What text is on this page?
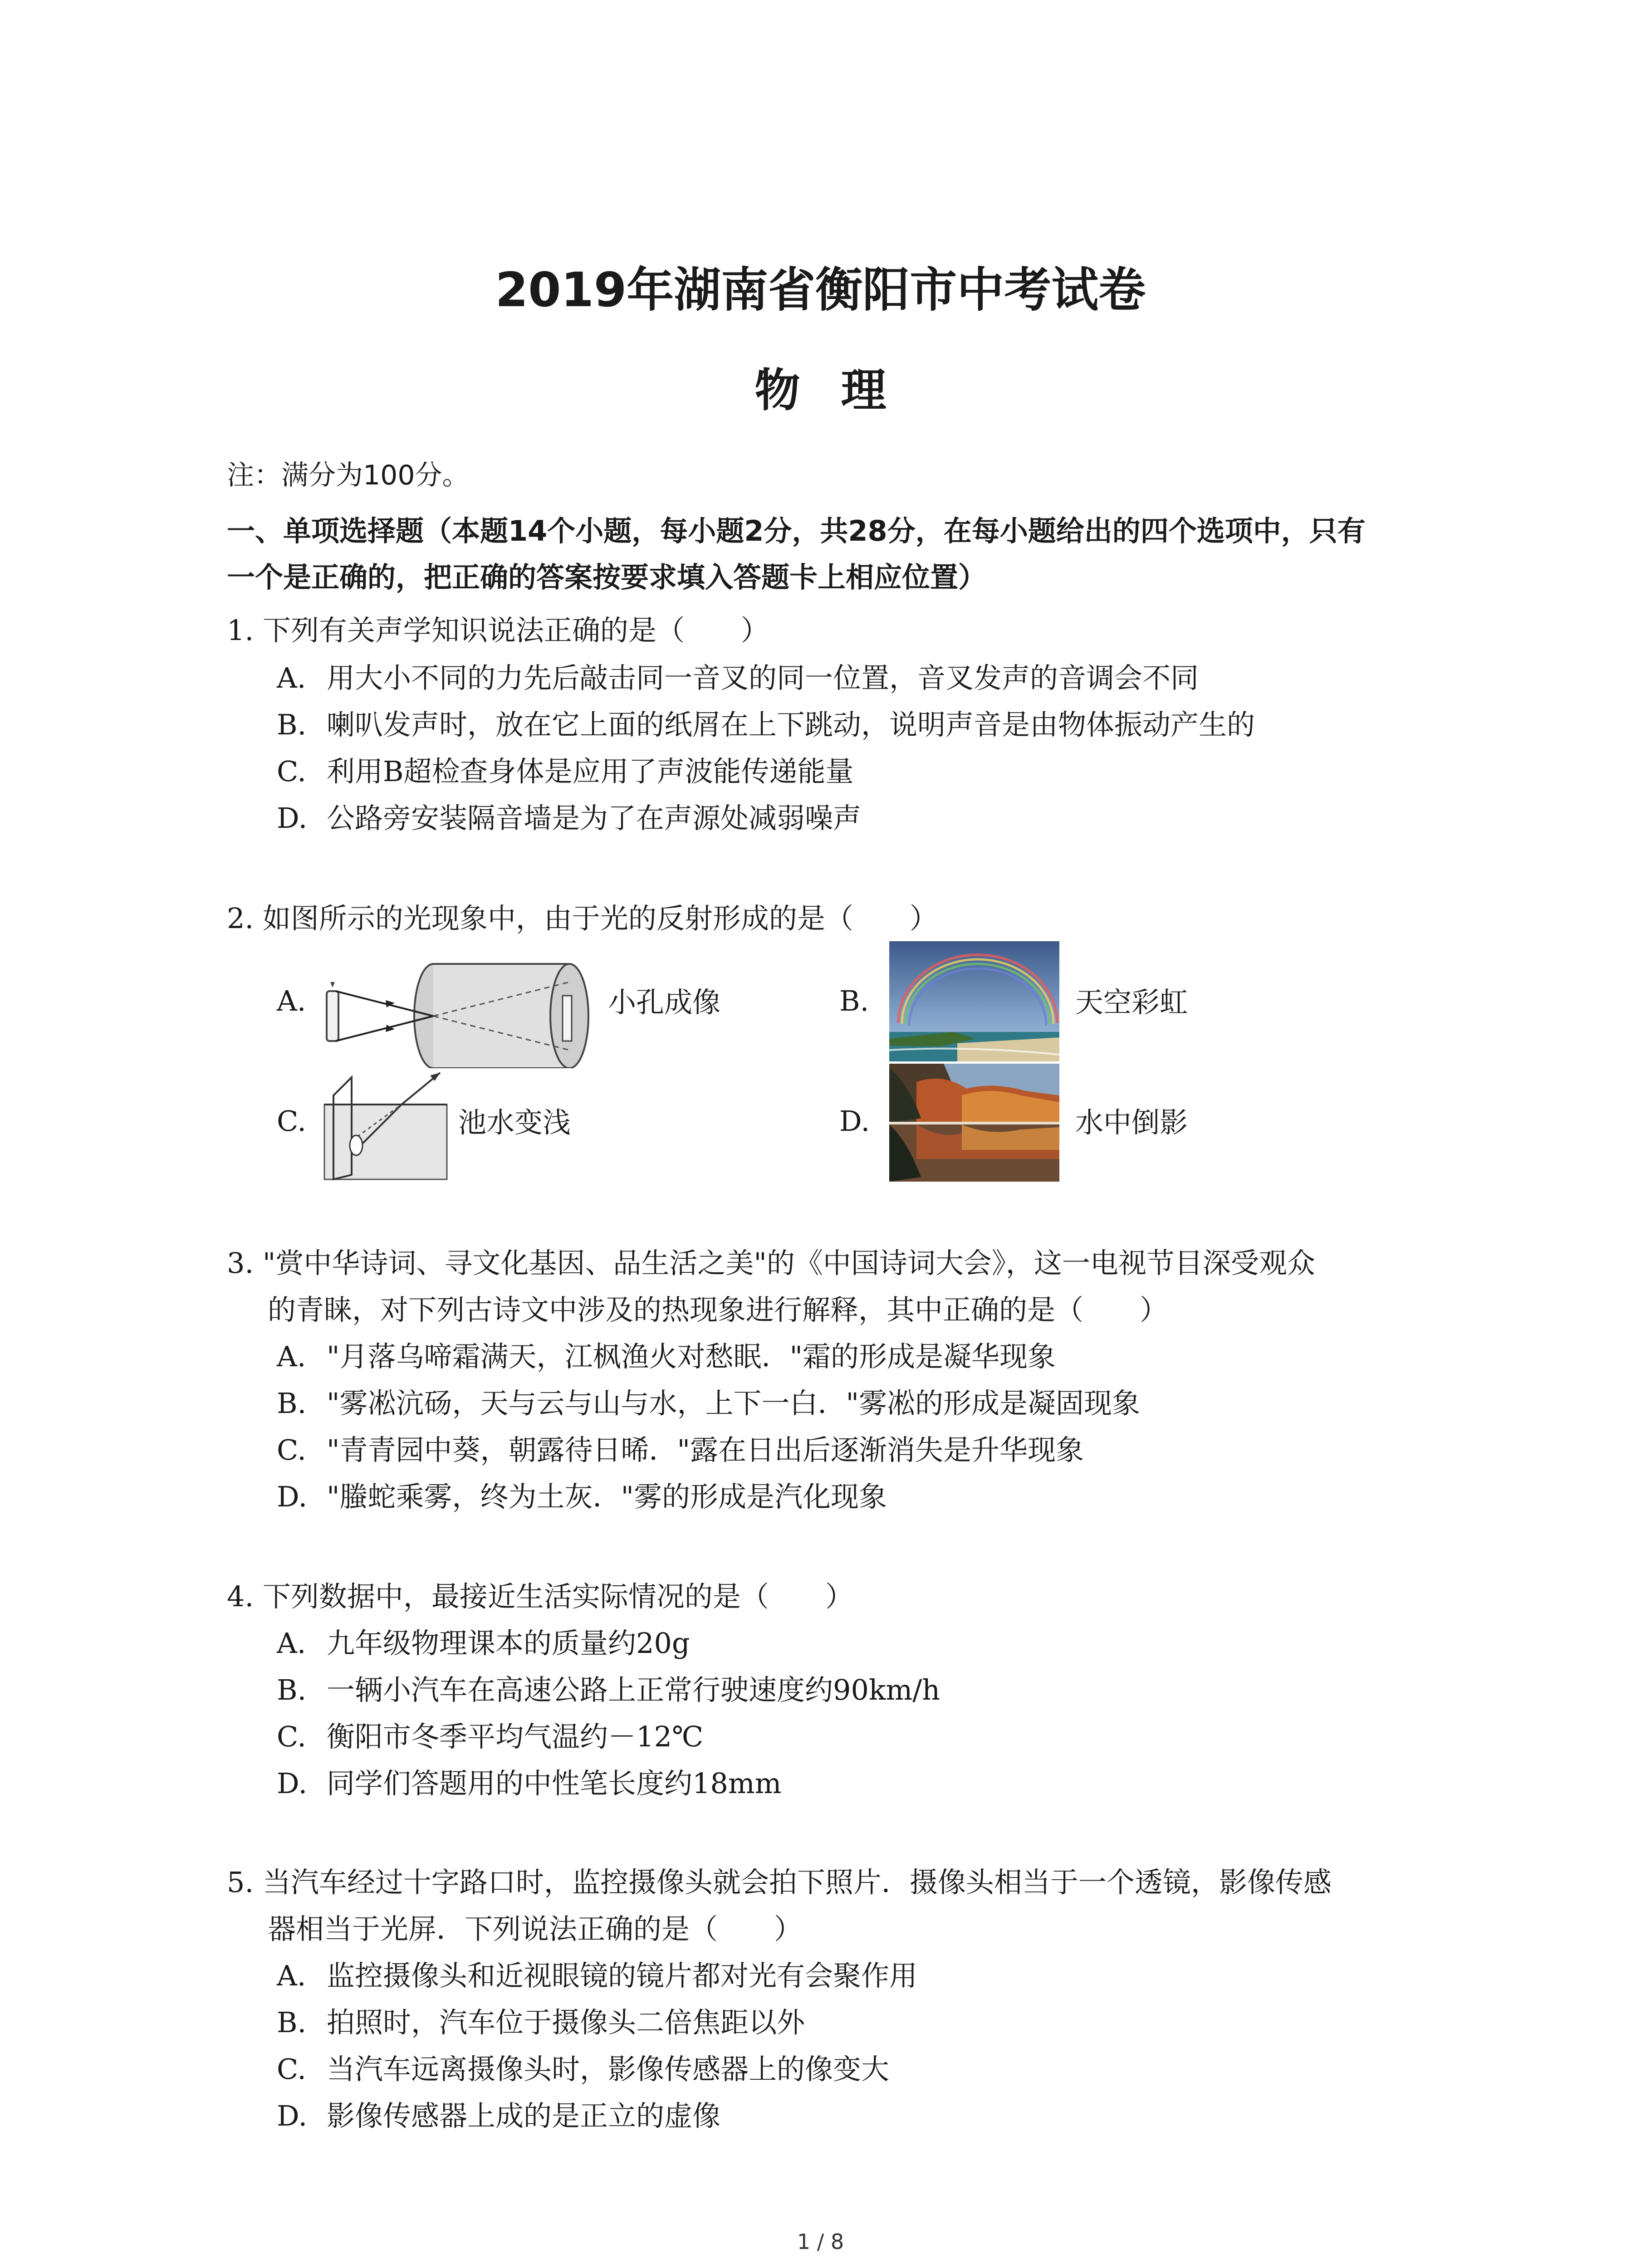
2019年湖南省衡阳市中考试卷
物理
注：满分为100分。
一、单项选择题（本题14个小题，每小题2分，共28分，在每小题给出的四个选项中，只有
一个是正确的，把正确的答案按要求填入答题卡上相应位置）
1. 下列有关声学知识说法正确的是（　　）
A. 用大小不同的力先后敲击同一音叉的同一位置，音叉发声的音调会不同
B. 喇叭发声时，放在它上面的纸屑在上下跳动，说明声音是由物体振动产生的
C. 利用B超检查身体是应用了声波能传递能量
D. 公路旁安装隔音墙是为了在声源处减弱噪声
2. 如图所示的光现象中，由于光的反射形成的是（　　）
A.	小孔成像	B.	天空彩虹
C.	池水变浅	D.	水中倒影
3. "赏中华诗词、寻文化基因、品生活之美"的《中国诗词大会》，这一电视节目深受观众
的青睐，对下列古诗文中涉及的热现象进行解释，其中正确的是（　　）
A. "月落乌啼霜满天，江枫渔火对愁眠．"霜的形成是凝华现象
B. "雾凇沆砀，天与云与山与水，上下一白．"雾凇的形成是凝固现象
C. "青青园中葵，朝露待日晞．"露在日出后逐渐消失是升华现象
D. "螣蛇乘雾，终为土灰．"雾的形成是汽化现象
4. 下列数据中，最接近生活实际情况的是（　　）
A. 九年级物理课本的质量约20g
B. 一辆小汽车在高速公路上正常行驶速度约90km/h
C. 衡阳市冬季平均气温约－12℃
D. 同学们答题用的中性笔长度约18mm
5. 当汽车经过十字路口时，监控摄像头就会拍下照片．摄像头相当于一个透镜，影像传感
器相当于光屏．下列说法正确的是（　　）
A. 监控摄像头和近视眼镜的镜片都对光有会聚作用
B. 拍照时，汽车位于摄像头二倍焦距以外
C. 当汽车远离摄像头时，影像传感器上的像变大
D. 影像传感器上成的是正立的虚像
1 / 8
